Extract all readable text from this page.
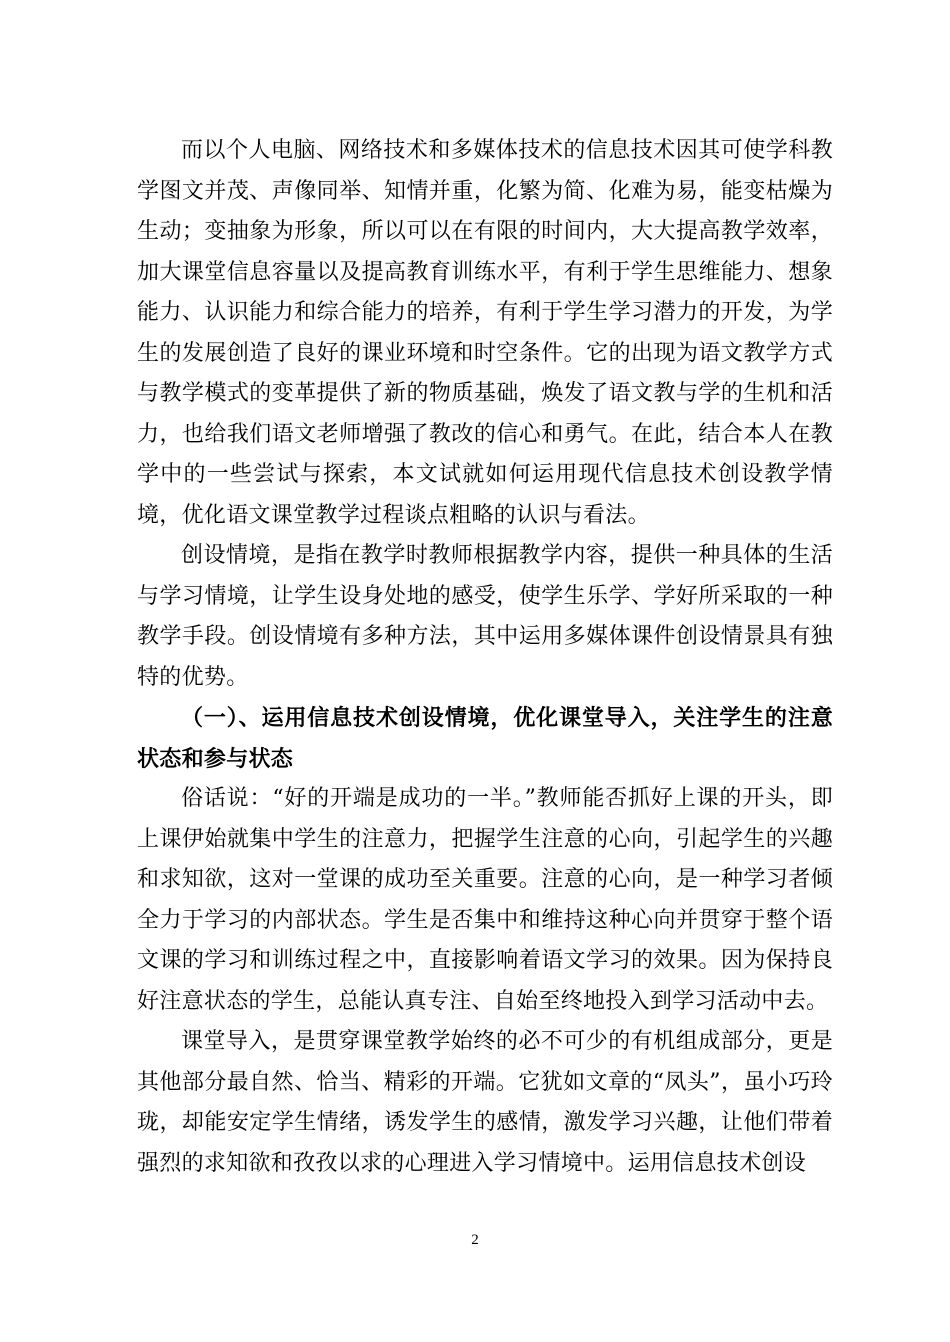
而以个人电脑、网络技术和多媒体技术的信息技术因其可使学科教学图文并茂、声像同举、知情并重，化繁为简、化难为易，能变枯燥为生动；变抽象为形象，所以可以在有限的时间内，大大提高教学效率，加大课堂信息容量以及提高教育训练水平，有利于学生思维能力、想象能力、认识能力和综合能力的培养，有利于学生学习潜力的开发，为学生的发展创造了良好的课业环境和时空条件。它的出现为语文教学方式与教学模式的变革提供了新的物质基础，焕发了语文教与学的生机和活力，也给我们语文老师增强了教改的信心和勇气。在此，结合本人在教学中的一些尝试与探索，本文试就如何运用现代信息技术创设教学情境，优化语文课堂教学过程谈点粗略的认识与看法。

创设情境，是指在教学时教师根据教学内容，提供一种具体的生活与学习情境，让学生设身处地的感受，使学生乐学、学好所采取的一种教学手段。创设情境有多种方法，其中运用多媒体课件创设情景具有独特的优势。

（一）、运用信息技术创设情境，优化课堂导入，关注学生的注意状态和参与状态

俗话说：“好的开端是成功的一半。”教师能否抓好上课的开头，即上课伊始就集中学生的注意力，把握学生注意的心向，引起学生的兴趣和求知欲，这对一堂课的成功至关重要。注意的心向，是一种学习者倾全力于学习的内部状态。学生是否集中和维持这种心向并贯穿于整个语文课的学习和训练过程之中，直接影响着语文学习的效果。因为保持良好注意状态的学生，总能认真专注、自始至终地投入到学习活动中去。

课堂导入，是贯穿课堂教学始终的必不可少的有机组成部分，更是其他部分最自然、恰当、精彩的开端。它犹如文章的“凤头”，虽小巧玲珑，却能安定学生情绪，诱发学生的感情，激发学习兴趣，让他们带着强烈的求知欲和孜孜以求的心理进入学习情境中。运用信息技术创设

2
